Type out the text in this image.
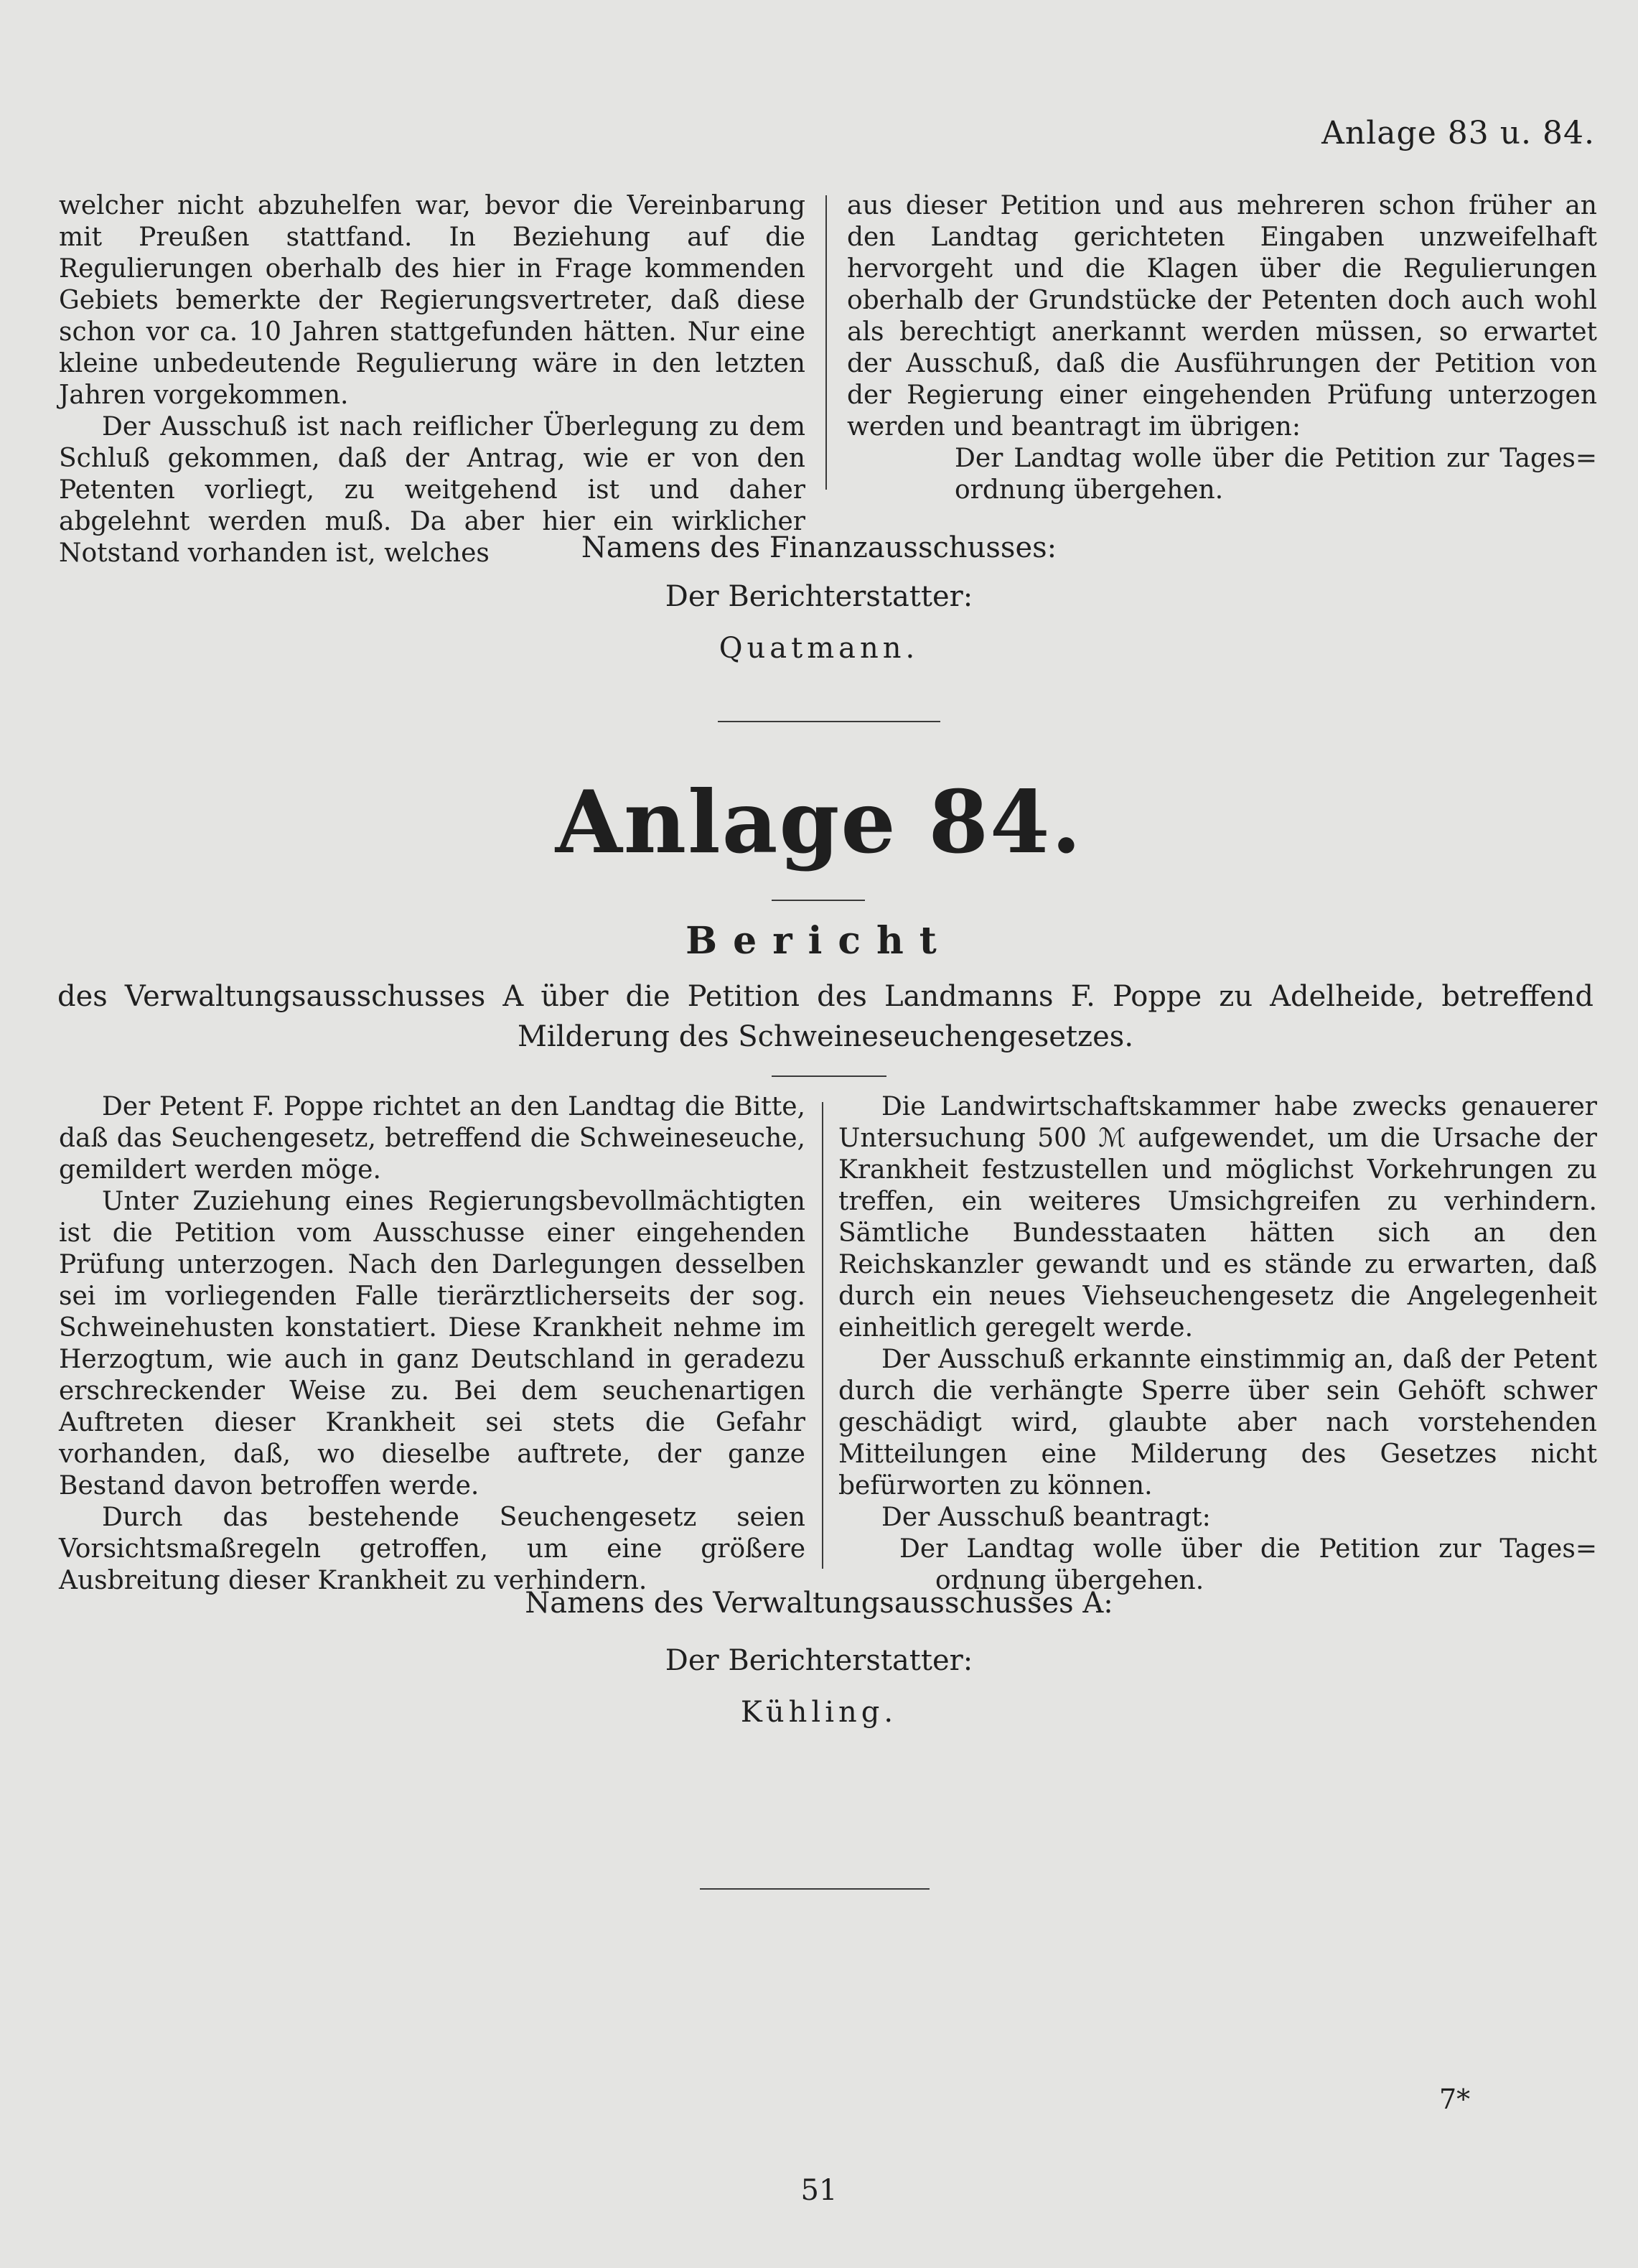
Anlage 83 u. 84.

welcher nicht abzuhelfen war, bevor die Vereinbarung mit Preußen stattfand. In Beziehung auf die Regulierungen oberhalb des hier in Frage kommenden Gebiets bemerkte der Regierungsvertreter, daß diese schon vor ca. 10 Jahren stattgefunden hätten. Nur eine kleine unbedeutende Regulierung wäre in den letzten Jahren vorgekommen.

Der Ausschuß ist nach reiflicher Überlegung zu dem Schluß gekommen, daß der Antrag, wie er von den Petenten vorliegt, zu weitgehend ist und daher abgelehnt werden muß. Da aber hier ein wirklicher Notstand vorhanden ist, welches

aus dieser Petition und aus mehreren schon früher an den Landtag gerichteten Eingaben unzweifelhaft hervorgeht und die Klagen über die Regulierungen oberhalb der Grundstücke der Petenten doch auch wohl als berechtigt anerkannt werden müssen, so erwartet der Ausschuß, daß die Ausführungen der Petition von der Regierung einer eingehenden Prüfung unterzogen werden und beantragt im übrigen:

Der Landtag wolle über die Petition zur Tages= ordnung übergehen.

Namens des Finanzausschusses:
Der Berichterstatter:
Quatmann.
Anlage 84.
Bericht
des Verwaltungsausschusses A über die Petition des Landmanns F. Poppe zu Adelheide, betreffend Milderung des Schweineseuchengesetzes.

Der Petent F. Poppe richtet an den Landtag die Bitte, daß das Seuchengesetz, betreffend die Schweineseuche, gemildert werden möge.

Unter Zuziehung eines Regierungsbevollmächtigten ist die Petition vom Ausschusse einer eingehenden Prüfung unterzogen. Nach den Darlegungen desselben sei im vorliegenden Falle tierärztlicherseits der sog. Schweinehusten konstatiert. Diese Krankheit nehme im Herzogtum, wie auch in ganz Deutschland in geradezu erschreckender Weise zu. Bei dem seuchenartigen Auftreten dieser Krankheit sei stets die Gefahr vorhanden, daß, wo dieselbe auftrete, der ganze Bestand davon betroffen werde.

Durch das bestehende Seuchengesetz seien Vorsichtsmaßregeln getroffen, um eine größere Ausbreitung dieser Krankheit zu verhindern.

Die Landwirtschaftskammer habe zwecks genauerer Untersuchung 500 ℳ aufgewendet, um die Ursache der Krankheit festzustellen und möglichst Vorkehrungen zu treffen, ein weiteres Umsichgreifen zu verhindern. Sämtliche Bundesstaaten hätten sich an den Reichskanzler gewandt und es stände zu erwarten, daß durch ein neues Viehseuchengesetz die Angelegenheit einheitlich geregelt werde.

Der Ausschuß erkannte einstimmig an, daß der Petent durch die verhängte Sperre über sein Gehöft schwer geschädigt wird, glaubte aber nach vorstehenden Mitteilungen eine Milderung des Gesetzes nicht befürworten zu können.

Der Ausschuß beantragt:

Der Landtag wolle über die Petition zur Tages= ordnung übergehen.

Namens des Verwaltungsausschusses A:
Der Berichterstatter:
Kühling.
7*
51
